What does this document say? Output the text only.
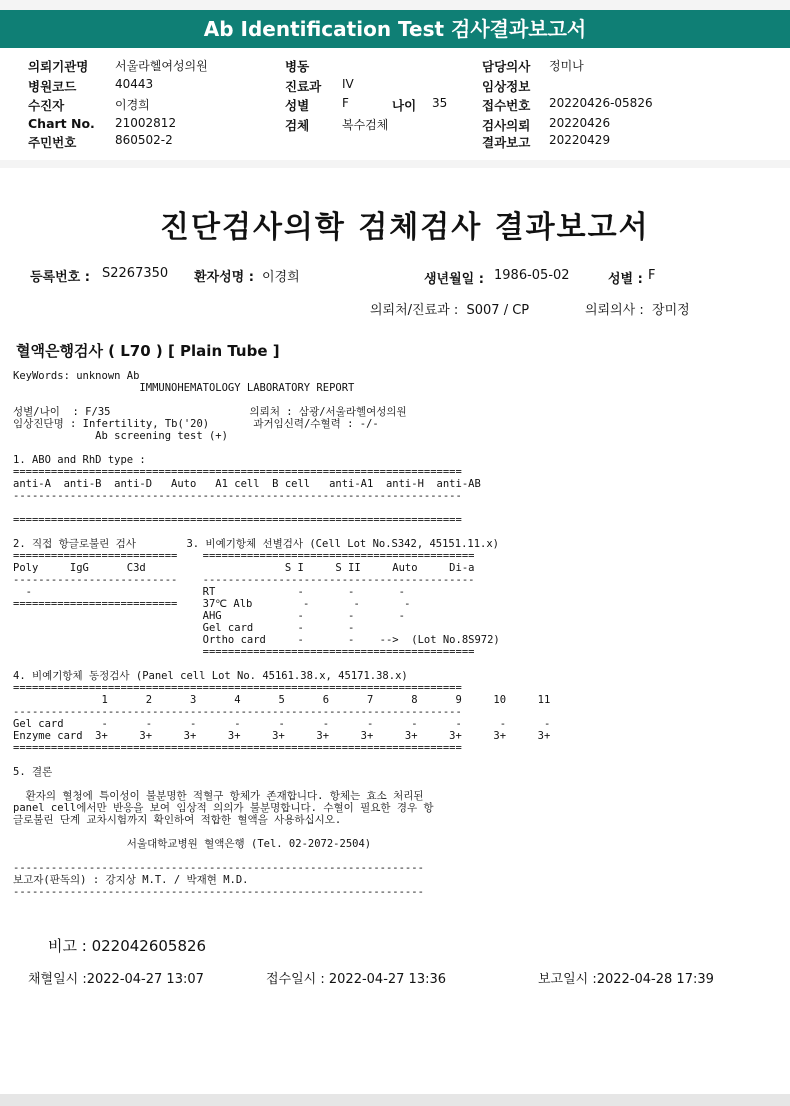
Ab Identification Test 검사결과보고서
의뢰기관명 서울라헬여성의원
병원코드	40443
수진자	이경희
Chart No. 21002812
주민번호	860502-2
병동
진료과 IV
성별	F	나이 35
검체	복수검체
담당의사 정미나
임상정보
접수번호 20220426-05826
검사의뢰 20220426
결과보고 20220429
진단검사의학 검체검사 결과보고서
등록번호 : S2267350 환자성명 : 이경희	생년월일 : 1986-05-02	성별 : F
의뢰처/진료과 :  S007 / CP	의뢰의사 :  장미정
혈액은행검사 ( L70 ) [ Plain Tube ]
KeyWords: unknown Ab
IMMUNOHEMATOLOGY LABORATORY REPORT
성별/나이  : F/35                      의뢰처 : 삼광/서울라헬여성의원
임상진단명 : Infertility, Tb('20)       과거임신력/수혈력 : -/-
Ab screening test (+)
1. ABO and RhD type :
=======================================================================
anti-A  anti-B  anti-D   Auto   A1 cell  B cell   anti-A1  anti-H  anti-AB
-----------------------------------------------------------------------
=======================================================================
2. 직접 항글로불린 검사        3. 비예기항체 선별검사 (Cell Lot No.S342, 45151.11.x)
==========================    ===========================================
Poly     IgG      C3d                      S I     S II     Auto     Di-a
--------------------------    -------------------------------------------
-                           RT             -       -       -
==========================    37℃ Alb        -       -       -
AHG            -       -       -
Gel card       -       -
Ortho card     -       -    -->  (Lot No.8S972)
===========================================
4. 비예기항체 동정검사 (Panel cell Lot No. 45161.38.x, 45171.38.x)
=======================================================================
1      2      3      4      5      6      7      8      9     10     11
-----------------------------------------------------------------------
Gel card      -      -      -      -      -      -      -      -      -      -      -
Enzyme card  3+     3+     3+     3+     3+     3+     3+     3+     3+     3+     3+
=======================================================================
5. 결론
환자의 혈청에 특이성이 불분명한 적혈구 항체가 존재합니다. 항체는 효소 처리된
panel cell에서만 반응을 보여 임상적 의의가 불분명합니다. 수혈이 필요한 경우 항
글로불린 단계 교차시험까지 확인하여 적합한 혈액을 사용하십시오.
서울대학교병원 혈액은행 (Tel. 02-2072-2504)
-----------------------------------------------------------------
보고자(판독의) : 강지상 M.T. / 박재현 M.D.
-----------------------------------------------------------------
비고 : 022042605826
채혈일시 :2022-04-27 13:07	접수일시 : 2022-04-27 13:36	보고일시 :2022-04-28 17:39
